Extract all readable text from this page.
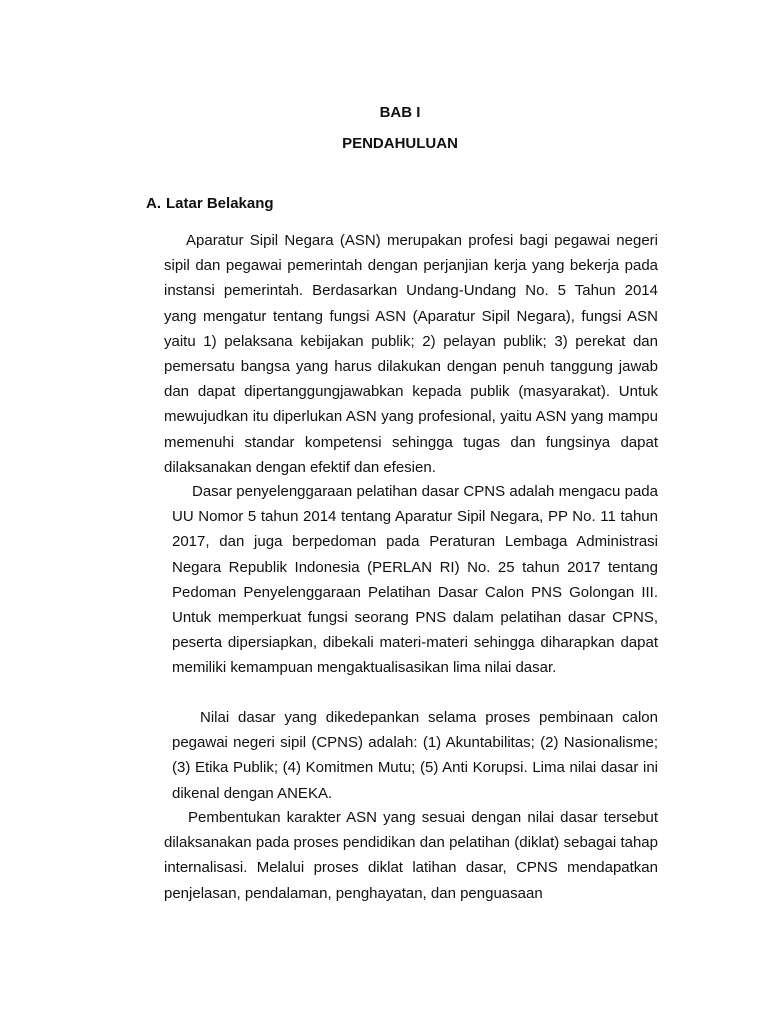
BAB I
PENDAHULUAN
A. Latar Belakang
Aparatur Sipil Negara (ASN) merupakan profesi bagi pegawai negeri sipil dan pegawai pemerintah dengan perjanjian kerja yang bekerja pada instansi pemerintah. Berdasarkan Undang-Undang No. 5 Tahun 2014 yang mengatur tentang fungsi ASN (Aparatur Sipil Negara), fungsi ASN yaitu 1) pelaksana kebijakan publik; 2) pelayan publik; 3) perekat dan pemersatu bangsa yang harus dilakukan dengan penuh tanggung jawab dan dapat dipertanggungjawabkan kepada publik (masyarakat). Untuk mewujudkan itu diperlukan ASN yang profesional, yaitu ASN yang mampu memenuhi standar kompetensi sehingga tugas dan fungsinya dapat dilaksanakan dengan efektif dan efesien.
Dasar penyelenggaraan pelatihan dasar CPNS adalah mengacu pada UU Nomor 5 tahun 2014 tentang Aparatur Sipil Negara, PP No. 11 tahun 2017, dan juga berpedoman pada Peraturan Lembaga Administrasi Negara Republik Indonesia (PERLAN RI) No. 25 tahun 2017 tentang Pedoman Penyelenggaraan Pelatihan Dasar Calon PNS Golongan III. Untuk memperkuat fungsi seorang PNS dalam pelatihan dasar CPNS, peserta dipersiapkan, dibekali materi-materi sehingga diharapkan dapat memiliki kemampuan mengaktualisasikan lima nilai dasar.
Nilai dasar yang dikedepankan selama proses pembinaan calon pegawai negeri sipil (CPNS) adalah: (1) Akuntabilitas; (2) Nasionalisme; (3) Etika Publik; (4) Komitmen Mutu; (5) Anti Korupsi. Lima nilai dasar ini dikenal dengan ANEKA.
Pembentukan karakter ASN yang sesuai dengan nilai dasar tersebut dilaksanakan pada proses pendidikan dan pelatihan (diklat) sebagai tahap internalisasi. Melalui proses diklat latihan dasar, CPNS mendapatkan penjelasan, pendalaman, penghayatan, dan penguasaan
